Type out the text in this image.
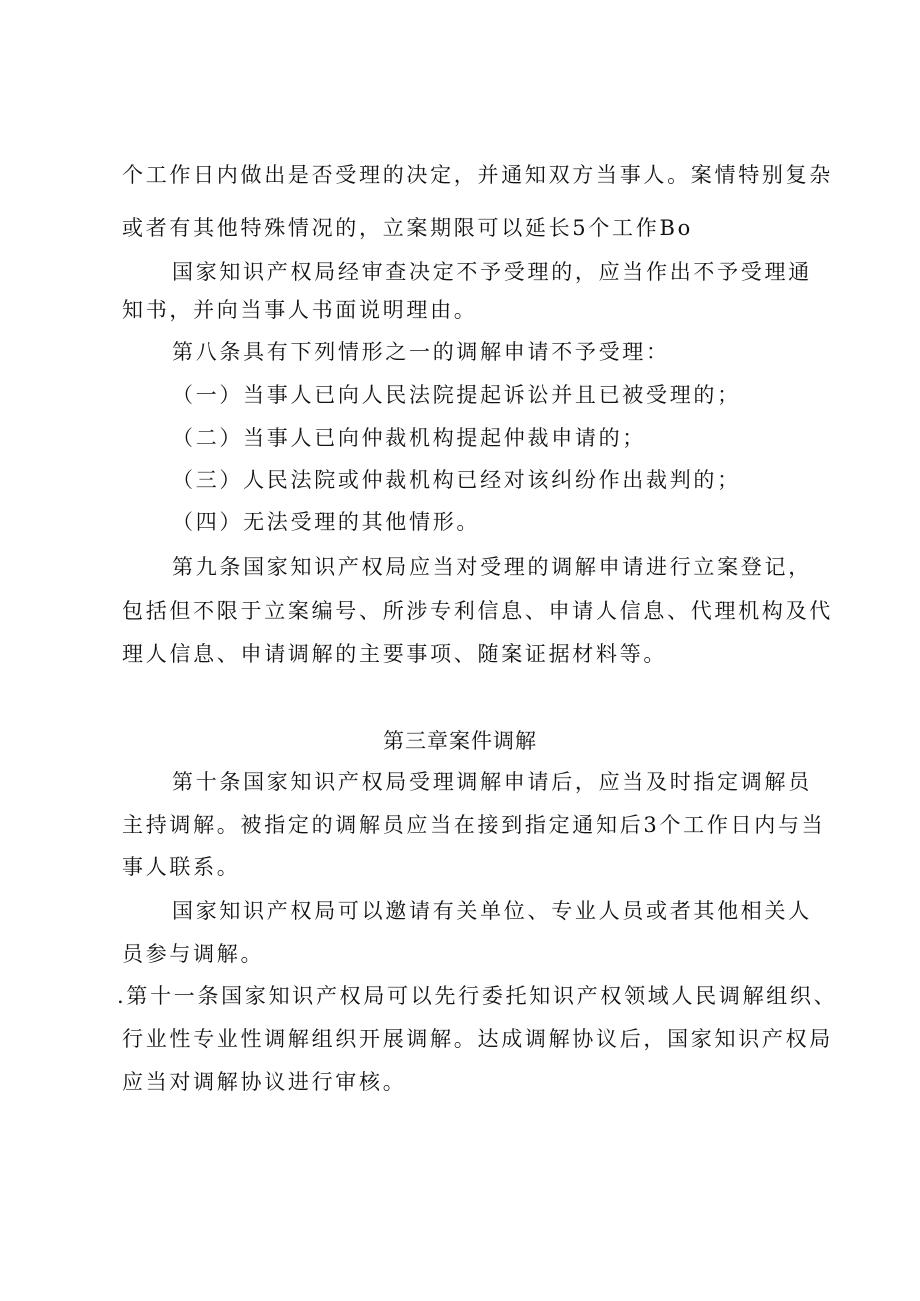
个工作日内做出是否受理的决定，并通知双方当事人。案情特别复杂
或者有其他特殊情况的，立案期限可以延长5个工作Bo
国家知识产权局经审查决定不予受理的，应当作出不予受理通
知书，并向当事人书面说明理由。
第八条具有下列情形之一的调解申请不予受理：
（一）当事人已向人民法院提起诉讼并且已被受理的；
（二）当事人已向仲裁机构提起仲裁申请的；
（三）人民法院或仲裁机构已经对该纠纷作出裁判的；
（四）无法受理的其他情形。
第九条国家知识产权局应当对受理的调解申请进行立案登记，
包括但不限于立案编号、所涉专利信息、申请人信息、代理机构及代
理人信息、申请调解的主要事项、随案证据材料等。
第三章案件调解
第十条国家知识产权局受理调解申请后，应当及时指定调解员
主持调解。被指定的调解员应当在接到指定通知后3个工作日内与当
事人联系。
国家知识产权局可以邀请有关单位、专业人员或者其他相关人
员参与调解。
.第十一条国家知识产权局可以先行委托知识产权领域人民调解组织、
行业性专业性调解组织开展调解。达成调解协议后，国家知识产权局
应当对调解协议进行审核。
